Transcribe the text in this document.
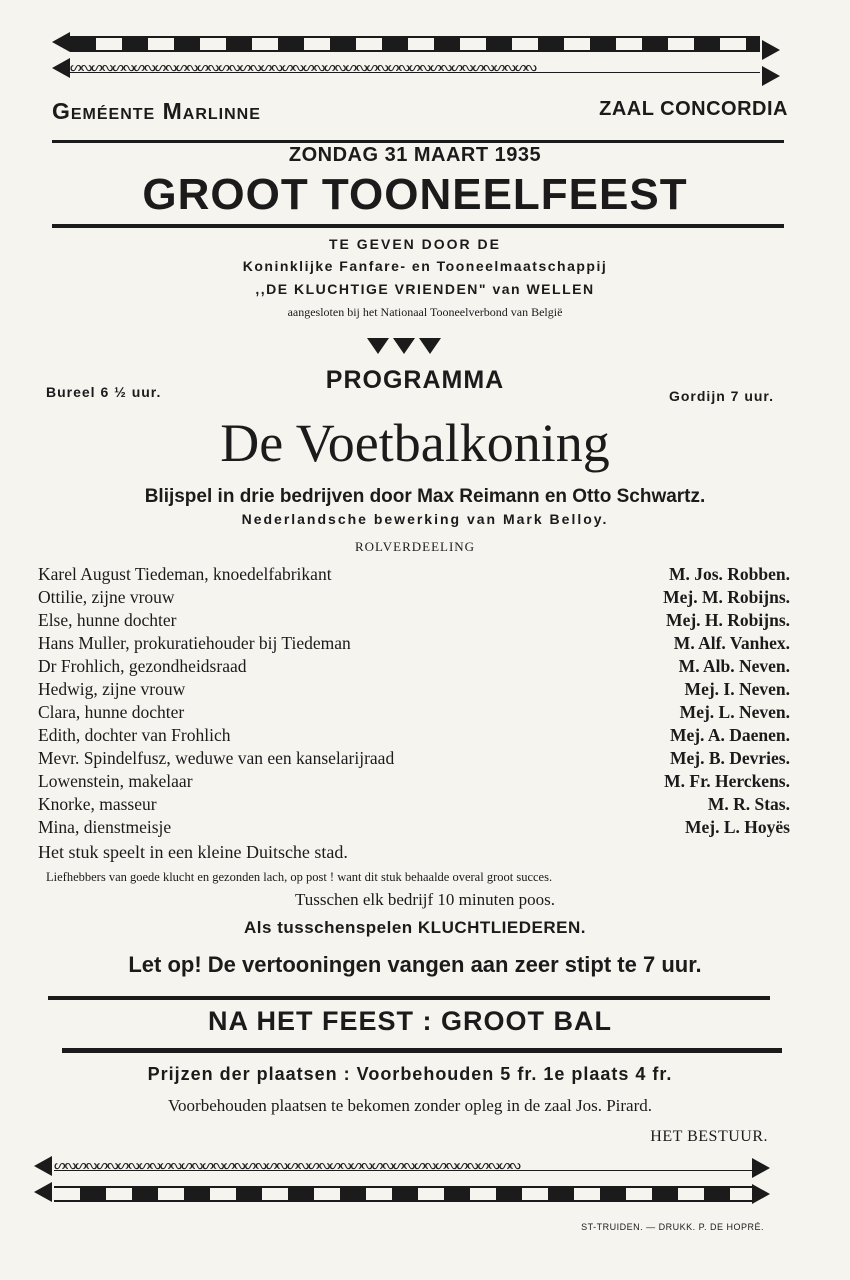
ᔕᔓᔕᔓᔕᔓᔕᔓᔕᔓᔕᔓᔕᔓᔕᔓᔕᔓᔕᔓᔕᔓᔕᔓᔕᔓᔕᔓᔕᔓᔕᔓᔕᔓᔕᔓᔕᔓᔕᔓᔕᔓᔕᔓ
Geméente Marlinne	ZAAL CONCORDIA
ZONDAG 31 MAART 1935
GROOT TOONEELFEEST
TE GEVEN DOOR DE
Koninklijke Fanfare- en Tooneelmaatschappij
,,DE KLUCHTIGE VRIENDEN" van WELLEN
aangesloten bij het Nationaal Tooneelverbond van België
Bureel 6 ½ uur.	PROGRAMMA
Gordijn 7 uur.
De Voetbalkoning
Blijspel in drie bedrijven door Max Reimann en Otto Schwartz.
Nederlandsche bewerking van Mark Belloy.
ROLVERDEELING
Karel August Tiedeman, knoedelfabrikant	M. Jos. Robben.
Ottilie, zijne vrouw	Mej. M. Robijns.
Else, hunne dochter	Mej. H. Robijns.
Hans Muller, prokuratiehouder bij Tiedeman	M. Alf. Vanhex.
Dr Frohlich, gezondheidsraad	M. Alb. Neven.
Hedwig, zijne vrouw	Mej. I. Neven.
Clara, hunne dochter	Mej. L. Neven.
Edith, dochter van Frohlich	Mej. A. Daenen.
Mevr. Spindelfusz, weduwe van een kanselarijraad	Mej. B. Devries.
Lowenstein, makelaar	M. Fr. Herckens.
Knorke, masseur	M. R. Stas.
Mina, dienstmeisje	Mej. L. Hoyës
Het stuk speelt in een kleine Duitsche stad.
Liefhebbers van goede klucht en gezonden lach, op post ! want dit stuk behaalde overal groot succes.
Tusschen elk bedrijf 10 minuten poos.
Als tusschenspelen KLUCHTLIEDEREN.
Let op! De vertooningen vangen aan zeer stipt te 7 uur.
NA HET FEEST : GROOT BAL
Prijzen der plaatsen : Voorbehouden 5 fr. 1e plaats 4 fr.
Voorbehouden plaatsen te bekomen zonder opleg in de zaal Jos. Pirard.
HET BESTUUR.
ᔕᔓᔕᔓᔕᔓᔕᔓᔕᔓᔕᔓᔕᔓᔕᔓᔕᔓᔕᔓᔕᔓᔕᔓᔕᔓᔕᔓᔕᔓᔕᔓᔕᔓᔕᔓᔕᔓᔕᔓᔕᔓᔕᔓ
ST-TRUIDEN. — DRUKK. P. DE HOPRÉ.
